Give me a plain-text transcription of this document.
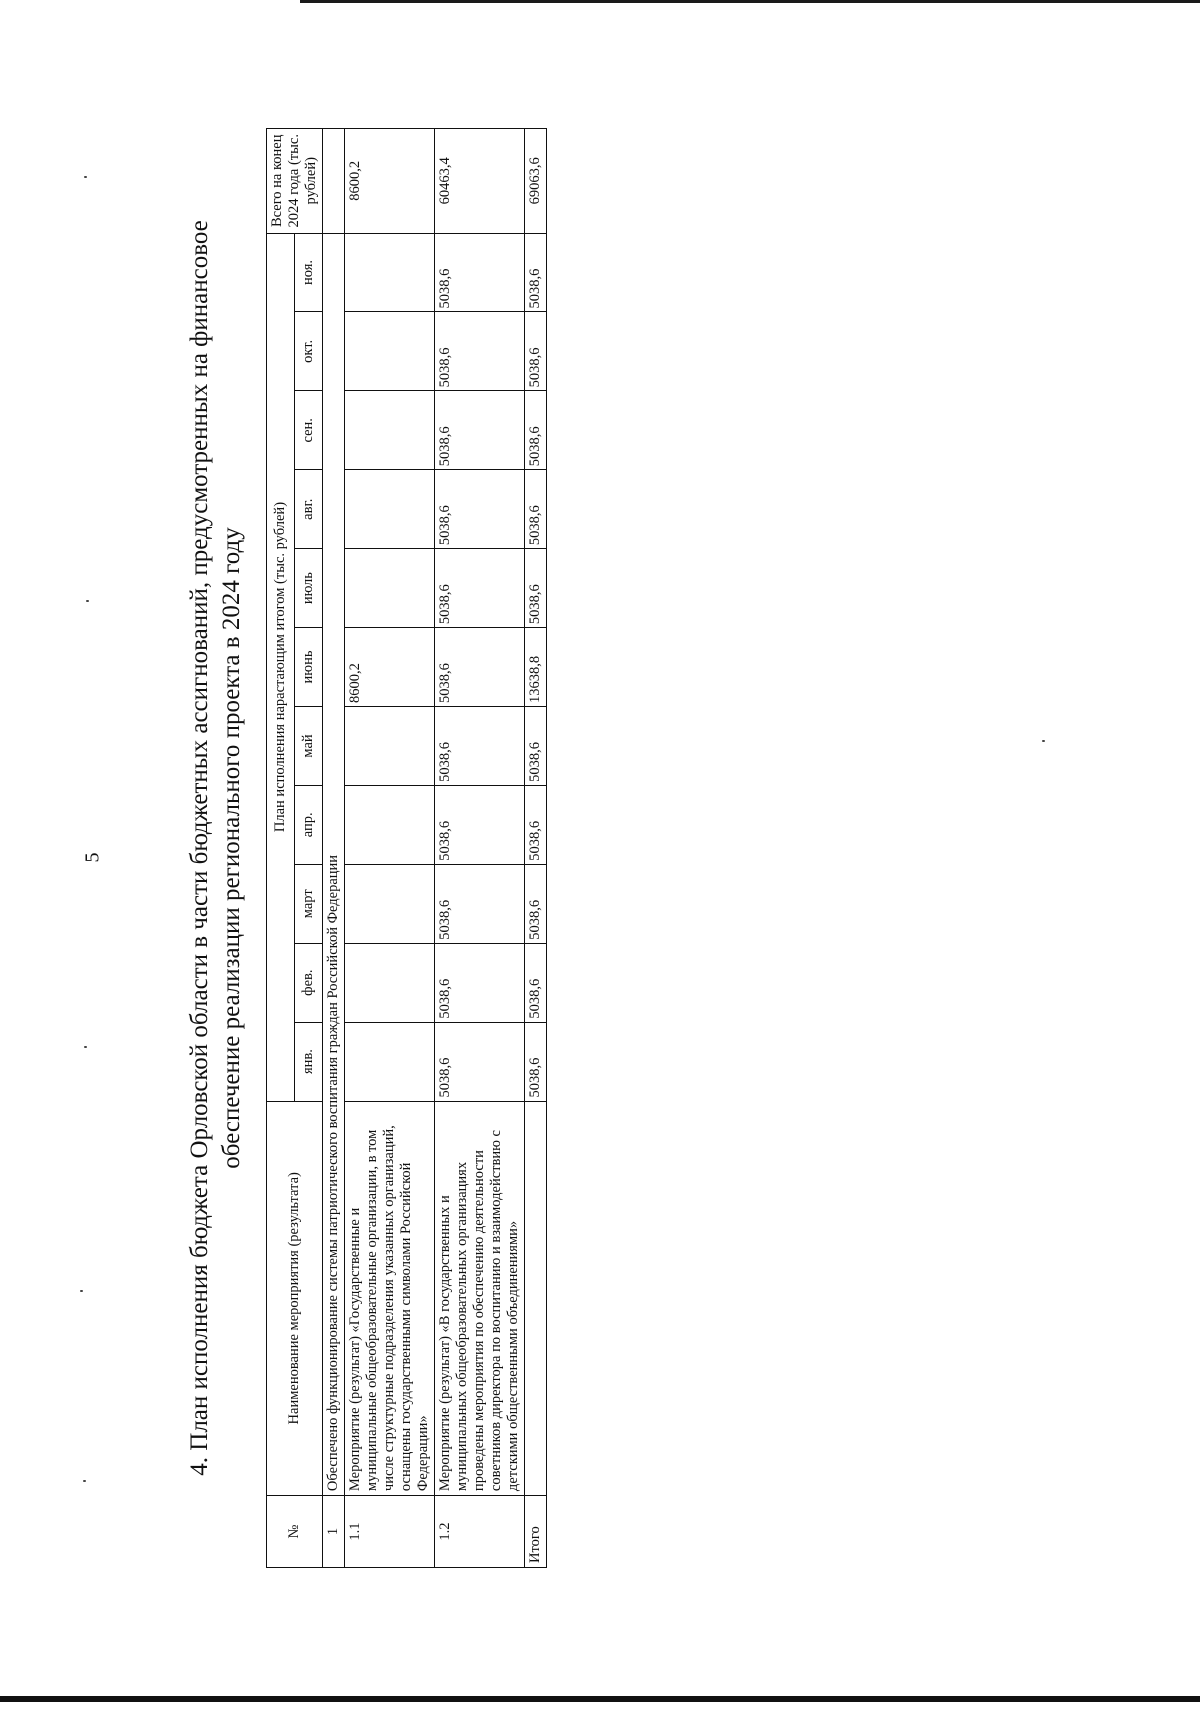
5	4. План исполнения бюджета Орловской области в части бюджетных ассигнований, предусмотренных на финансовое обеспечение реализации регионального проекта в 2024 году
№	Наименование мероприятия (результата)	План исполнения нарастающим итогом (тыс. рублей)											Всего на конец 2024 года (тыс. рублей)
		янв.	фев.	март	апр.	май	июнь	июль	авг.	сен.	окт.	ноя.	
1	Обеспечено функционирование системы патриотического воспитания граждан Российской Федерации												
1.1	Мероприятие (результат) «Государственные и муниципальные общеобразовательные организации, в том числе структурные подразделения указанных организаций, оснащены государственными символами Российской Федерации»						8600,2						8600,2
1.2	Мероприятие (результат) «В государственных и муниципальных общеобразовательных организациях проведены мероприятия по обеспечению деятельности советников директора по воспитанию и взаимодействию с детскими общественными объединениями»	5038,6	5038,6	5038,6	5038,6	5038,6	5038,6	5038,6	5038,6	5038,6	5038,6	5038,6	60463,4
Итого		5038,6	5038,6	5038,6	5038,6	5038,6	13638,8	5038,6	5038,6	5038,6	5038,6	5038,6	69063,6
